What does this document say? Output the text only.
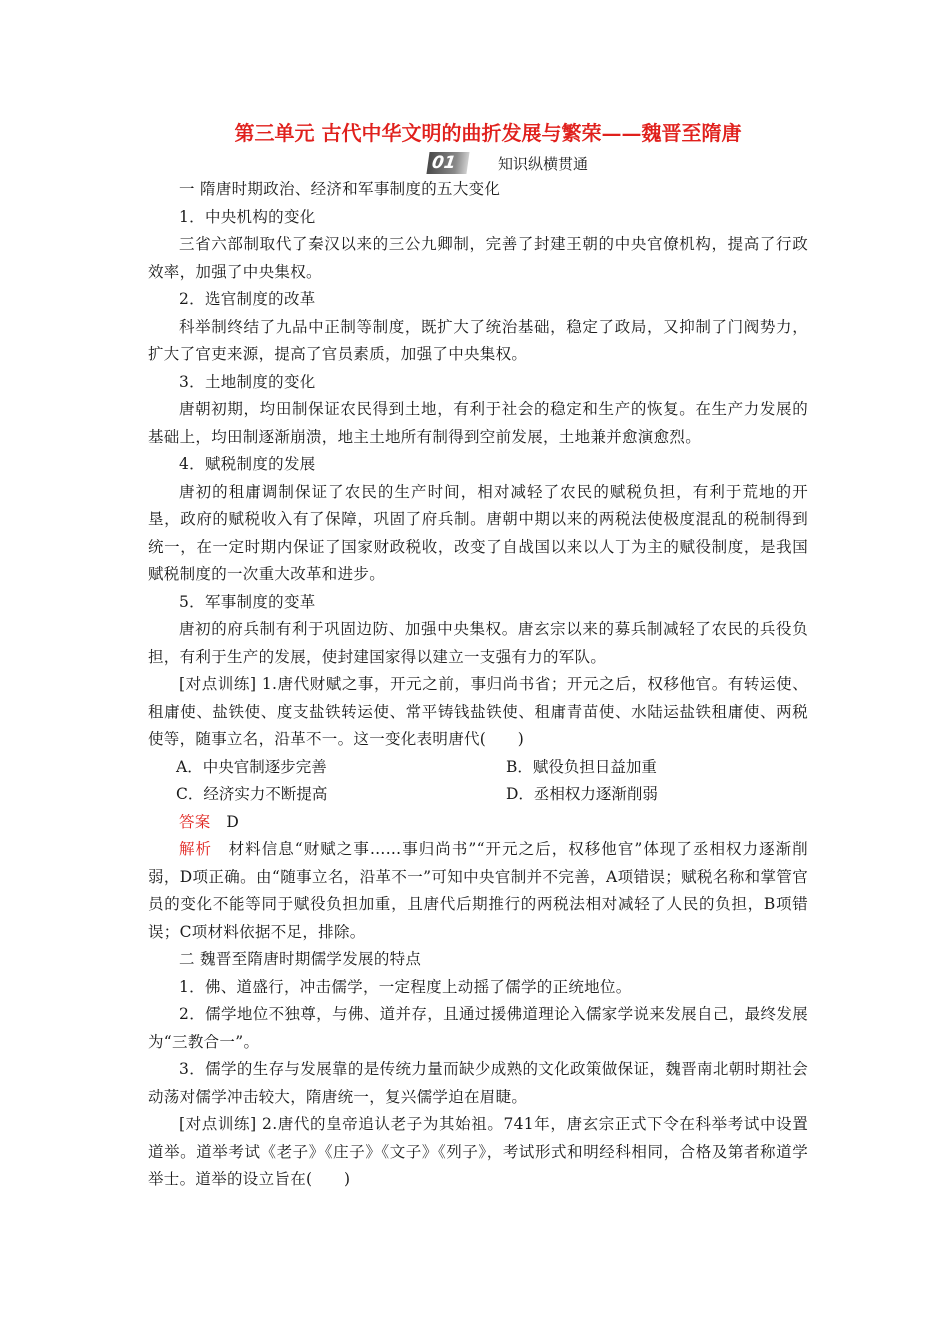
第三单元 古代中华文明的曲折发展与繁荣——魏晋至隋唐
01	知识纵横贯通

一 隋唐时期政治、经济和军事制度的五大变化

1．中央机构的变化

三省六部制取代了秦汉以来的三公九卿制，完善了封建王朝的中央官僚机构，提高了行政效率，加强了中央集权。

2．选官制度的改革

科举制终结了九品中正制等制度，既扩大了统治基础，稳定了政局，又抑制了门阀势力，扩大了官吏来源，提高了官员素质，加强了中央集权。

3．土地制度的变化

唐朝初期，均田制保证农民得到土地，有利于社会的稳定和生产的恢复。在生产力发展的基础上，均田制逐渐崩溃，地主土地所有制得到空前发展，土地兼并愈演愈烈。

4．赋税制度的发展

唐初的租庸调制保证了农民的生产时间，相对减轻了农民的赋税负担，有利于荒地的开垦，政府的赋税收入有了保障，巩固了府兵制。唐朝中期以来的两税法使极度混乱的税制得到统一，在一定时期内保证了国家财政税收，改变了自战国以来以人丁为主的赋役制度，是我国赋税制度的一次重大改革和进步。

5．军事制度的变革

唐初的府兵制有利于巩固边防、加强中央集权。唐玄宗以来的募兵制减轻了农民的兵役负担，有利于生产的发展，使封建国家得以建立一支强有力的军队。

[对点训练] 1.唐代财赋之事，开元之前，事归尚书省；开元之后，权移他官。有转运使、租庸使、盐铁使、度支盐铁转运使、常平铸钱盐铁使、租庸青苗使、水陆运盐铁租庸使、两税使等，随事立名，沿革不一。这一变化表明唐代(　　)

A．中央官制逐步完善	B．赋役负担日益加重
C．经济实力不断提高	D．丞相权力逐渐削弱

答案　 D

解析　 材料信息“财赋之事……事归尚书”“开元之后，权移他官”体现了丞相权力逐渐削弱，D项正确。由“随事立名，沿革不一”可知中央官制并不完善，A项错误；赋税名称和掌管官员的变化不能等同于赋役负担加重，且唐代后期推行的两税法相对减轻了人民的负担，B项错误；C项材料依据不足，排除。

二 魏晋至隋唐时期儒学发展的特点

1．佛、道盛行，冲击儒学，一定程度上动摇了儒学的正统地位。

2．儒学地位不独尊，与佛、道并存，且通过援佛道理论入儒家学说来发展自己，最终发展为“三教合一”。

3．儒学的生存与发展靠的是传统力量而缺少成熟的文化政策做保证，魏晋南北朝时期社会动荡对儒学冲击较大，隋唐统一，复兴儒学迫在眉睫。

[对点训练] 2.唐代的皇帝追认老子为其始祖。741年，唐玄宗正式下令在科举考试中设置道举。道举考试《老子》《庄子》《文子》《列子》，考试形式和明经科相同，合格及第者称道学举士。道举的设立旨在(　　)
